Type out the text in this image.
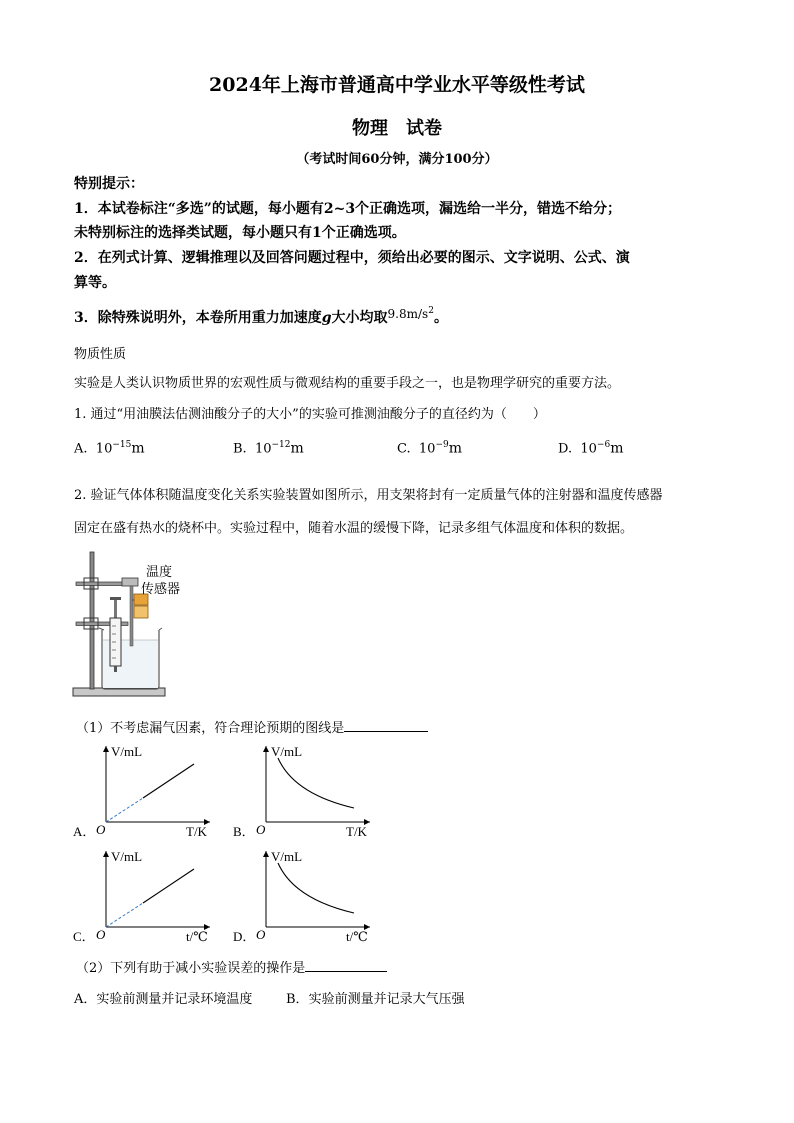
2024年上海市普通高中学业水平等级性考试
物理　试卷
（考试时间60分钟，满分100分）
特别提示：
1．本试卷标注“多选”的试题，每小题有2~3个正确选项，漏选给一半分，错选不给分；
未特别标注的选择类试题，每小题只有1个正确选项。
2．在列式计算、逻辑推理以及回答问题过程中，须给出必要的图示、文字说明、公式、演
算等。
3．除特殊说明外，本卷所用重力加速度g大小均取$9.8m/s^2$。
物质性质
实验是人类认识物质世界的宏观性质与微观结构的重要手段之一，也是物理学研究的重要方法。
1. 通过“用油膜法估测油酸分子的大小”的实验可推测油酸分子的直径约为（　　）
A. $10^{-15}m$	B. $10^{-12}m$	C. $10^{-9}m$	D. $10^{-6}m$
2. 验证气体体积随温度变化关系实验装置如图所示，用支架将封有一定质量气体的注射器和温度传感器
固定在盛有热水的烧杯中。实验过程中，随着水温的缓慢下降，记录多组气体温度和体积的数据。
温度
传感器
（1）不考虑漏气因素，符合理论预期的图线是
A．
V/mL
T/K
O	B．
V/mL
T/K
O
C．
V/mL
t/℃
O	D．
V/mL
t/℃
O
（2）下列有助于减小实验误差的操作是
A．实验前测量并记录环境温度	B．实验前测量并记录大气压强
